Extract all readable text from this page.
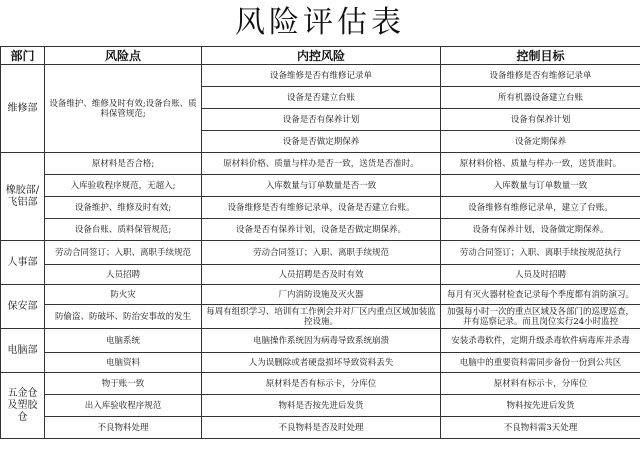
风险评估表
部门	风险点	内控风险	控制目标
维修部	设备维护、维修及时有效;设备台账、质料保管规范;	设备维修是否有维修记录单	设备维修是否有维修记录单
		设备是否建立台账	所有机器设备建立台账
		设备是否有保养计划	设备有保养计划
		设备是否做定期保养	设备定期保养
橡胶部/飞铝部	原材料是否合格;	原材料价格、质量与样办是否一致，送货是否准时。	原材料价格、质量与样办一致，送货准时。
	入库验收程序规范，无超入;	入库数量与订单数量是否一致	入库数量与订单数量一致
	设备维护、维修及时有效;	设备维修是否有维修记录单，设备是否建立台账。	设备维修有维修记录单，建立了台账。
	设备台账、质料保管规范;	设备是否有保养计划，设备是否做定期保养。	设备有保养计划，设备做定期保养。
人事部	劳动合同签订；入职、离职手续规范	劳动合同签订；入职、离职手续规范	劳动合同签订；入职、离职手续按规范执行
	人员招聘	人员招聘是否及时有效	人员及时招聘
保安部	防火灾	厂内消防设施及灭火器	每月有灭火器材检查记录每个季度都有消防演习。
	防偷盗、防破坏、防治安事故的发生	每周有组织学习、培训有工作例会并对厂区内重点区域加装监控设施。	加强每小时一次的重点区域及各部门的巡逻巡查，并有巡察记录。而且岗位实行24小时监控
电脑部	电脑系统	电脑操作系统因为病毒导致系统崩溃	安装杀毒软件，定期升级杀毒软件病毒库并杀毒
	电脑资料	人为误删除或者硬盘损坏导致资料丢失	电脑中的重要资料需同步备份一份到公共区
五金仓及塑胶仓	物于账一致	原材料是否有标示卡，分库位	原材料有标示卡，分库位
	出入库验收程序规范	物料是否按先进后发货	物料按先进后发货
	不良物料处理	不良物料是否及时处理	不良物料需3天处理
